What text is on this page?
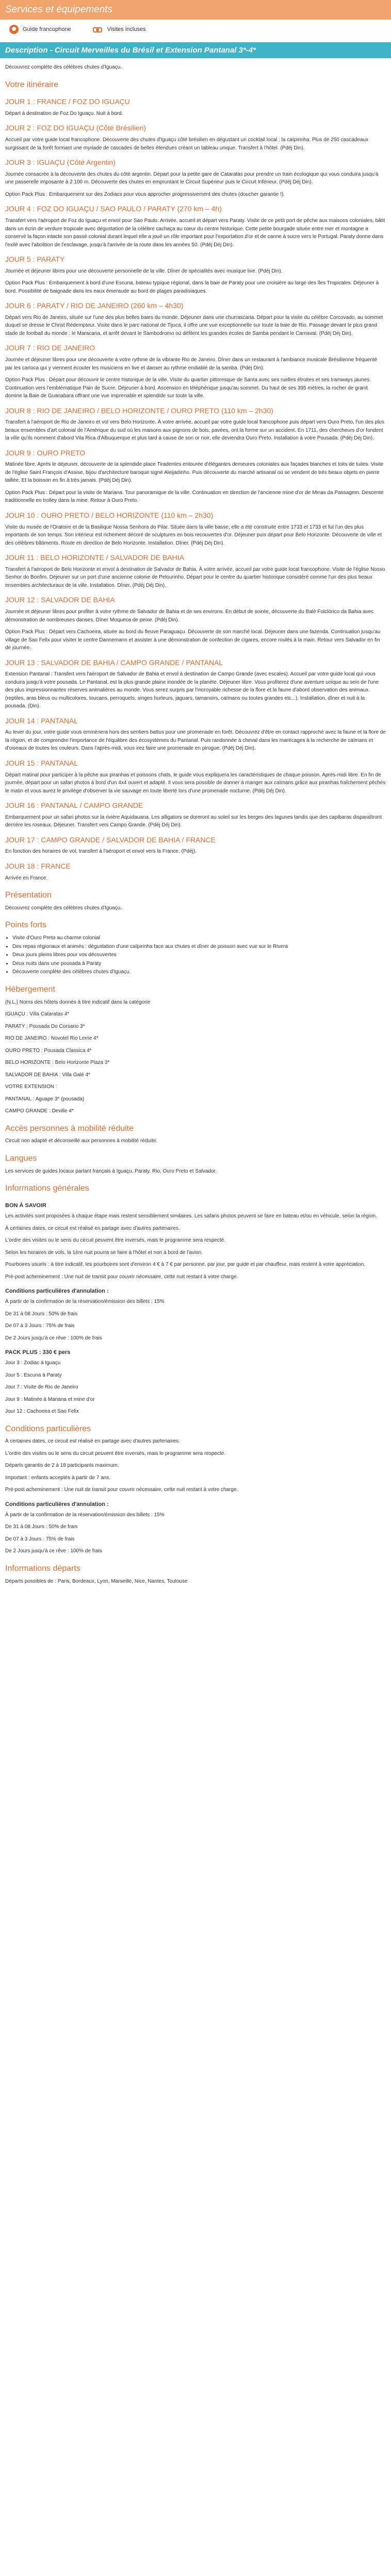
Services et équipements
Guide francophone	Visites incluses
Description - Circuit Merveilles du Brésil et Extension Pantanal 3*-4*

Découvrez complète des célèbres chutes d'Iguaçu.

Votre itinéraire
JOUR 1 : FRANCE / FOZ DO IGUAÇU

Départ à destination de Foz Do Iguaçu. Nuit à bord.

JOUR 2 : FOZ DO IGUAÇU (Côté Brésilien)

Accueil par votre guide local francophone. Découverte des chutes d'Iguaçu côté brésilien en dégustant un cocktail local : la caïpirinha. Plus de 250 cascadeaux surgissant de la forêt formant une myriade de cascades de belles étendues créant un tableau unique. Transfert à l'hôtel. (Pdéj Din).

JOUR 3 : IGUAÇU (Côté Argentin)

Journée consacrée à la découverte des chutes du côté argentin. Départ pour la petite gare de Cataratas pour prendre un train écologique qui vous conduira jusqu'à une passerelle imposante à 2 100 m. Découverte des chutes en empruntant le Circuit Supérieur puis le Circuit Inférieur. (Pdéj Déj Din).

Option Pack Plus : Embarquement sur des Zodiacs pour vous approcher progressivement des chutes (doucher garantie !).

JOUR 4 : FOZ DO IGUAÇU / SAO PAULO / PARATY (270 km – 4h)

Transfert vers l'aéroport de Foz do Iguaçu et envol pour Sao Paulo. Arrivée, accueil et départ vers Paraty. Visite de ce petit port de pêche aux maisons coloniales, bâtit dans un écrin de verdure tropicale avec dégustation de la célèbre cachaça au cœur du centre historique. Cette petite bourgade située entre mer et montagne a conservé la façon intacte son passé colonial durant lequel elle a joué un rôle important pour l'exportation d'or et de canne à sucre vers le Portugal. Paraty donne dans l'exilé avec l'abolition de l'esclavage, jusqu'à l'arrivée de la route dans les années 50. (Pdéj Déj Din).

JOUR 5 : PARATY

Journée et déjeuner libres pour une découverte personnelle de la ville. Dîner de spécialités avec musique live. (Pdéj Din).

Option Pack Plus : Embarquement à bord d'une Escuna, bateau typique régional, dans la baie de Paraty pour une croisière au large des îles Tropicales. Déjeuner à bord. Possibilité de baignade dans les eaux émeraude au bord de plages paradisiaques.

JOUR 6 : PARATY / RIO DE JANEIRO (260 km – 4h30)

Départ vers Rio de Janeiro, située sur l'une des plus belles baies du monde. Déjeuner dans une churrascaria. Départ pour la visite du célèbre Corcovado, au sommet duquel se dresse le Christ Rédempteur. Visite dans le parc national de Tijuca, il offre une vue exceptionnelle sur toute la baie de Rio. Passage devant le plus grand stade de football du monde : le Maracana, et arrêt devant le Sambodromo où défilent les grandes écoles de Samba pendant le Carnaval. (Pdéj Déj Din).

JOUR 7 : RIO DE JANEIRO

Journée et déjeuner libres pour une découverte à votre rythme de la vibrante Rio de Janeiro. Dîner dans un restaurant à l'ambiance musicale Brésilienne fréquenté par les carioca qui y viennent écouter les musiciens en live et danser au rythme endiablé de la samba. (Pdéj Din).

Option Pack Plus : Départ pour découvrir le centre historique de la ville. Visite du quartier pittoresque de Santa avec ses ruelles étroites et ses tramways jaunes. Continuation vers l'emblématique Pain de Sucre. Déjeuner à bord. Ascension en téléphérique jusqu'au sommet. Du haut de ses 395 mètres, la rocher de granit domine la Baie de Guanabara offrant une vue imprenable et splendide sur toute la ville.

JOUR 8 : RIO DE JANEIRO / BELO HORIZONTE / OURO PRETO (110 km – 2h30)

Transfert à l'aéroport de Rio de Janeiro et vol vers Belo Horizonte. À votre arrivée, accueil par votre guide local francophone puis départ vers Ouro Preto, l'un des plus beaux ensembles d'art colonial de l'Amérique du sud où les maisons aux pignons de bois, pavées, ont la forme sur un accident. En 1711, des chercheurs d'or fondent la ville qu'ils nomment d'abord Vila Rica d'Albuquerque et plus tard à cause de son or noir, elle deviendra Ouro Preto. Installation à votre Pousada. (Pdéj Déj Din).

JOUR 9 : OURO PRETO

Matinée libre. Après le déjeuner, découverte de la splendide place Tiradentes entourée d'élégantes demeures coloniales aux façades blanches et toits de tuiles. Visite de l'église Saint François d'Assise, bijou d'architecture baroque signé Aleijadinho. Puis découverte du marché artisanal où se vendent de très beaux objets en pierre taillée. Et la boisson en fin à très jamais. (Pdéj Déj Din).

Option Pack Plus : Départ pour la visite de Mariana. Tour panoramique de la ville. Continuation en direction de l'ancienne mine d'or de Minas da Passagem. Descente traditionnelle en trolley dans la mine. Retour à Ouro Preto.

JOUR 10 : OURO PRETO / BELO HORIZONTE (110 km – 2h30)

Visite du musée de l'Oratoire et de la Basilique Nossa Senhora do Pilar. Située dans la ville basse, elle a été construite entre 1733 et 1733 et fut l'un des plus importants de son temps. Son intérieur est richement décoré de sculptures en bois recouvertes d'or. Déjeuner puis départ pour Belo Horizonte. Découverte de ville et des célèbres bâtiments. Route en direction de Belo Horizonte. Installation. Dîner. (Pdéj Déj Din).

JOUR 11 : BELO HORIZONTE / SALVADOR DE BAHIA

Transfert à l'aéroport de Belo Horizonte et envol à destination de Salvador de Bahia. À votre arrivée, accueil par votre guide local francophone. Visite de l'église Nosso Senhor do Bonfim. Déjeuner sur un port d'une ancienne colonie de Pelourinho. Départ pour le centre du quartier historique considéré comme l'un des plus beaux ensembles architecturaux de la ville. Installation. Dîner. (Pdéj Déj Din).

JOUR 12 : SALVADOR DE BAHIA

Journée et déjeuner libres pour profiter à votre rythme de Salvador de Bahia et de ses environs. En début de soirée, découverte du Balé Folclórico da Bahia avec démonstration de nombreuses danses. Dîner Moqueca de peixe. (Pdéj Din).

Option Pack Plus : Départ vers Cachoeira, située au bord du fleuve Paraguaçu. Découverte de son marché local. Déjeuner dans une fazenda. Continuation jusqu'au village de Sao Felix pour visiter le centre Dannemann et assister à une démonstration de confection de cigares, encore roulés à la main. Retour vers Salvador en fin de journée.

JOUR 13 : SALVADOR DE BAHIA / CAMPO GRANDE / PANTANAL

Extension Pantanal : Transfert vers l'aéroport de Salvador de Bahia et envol à destination de Campo Grande (avec escales). Accueil par votre guide local qui vous conduira jusqu'à votre pousada. Le Pantanal, est la plus grande plaine inondée de la planète. Déjeuner libre. Vous profiterez d'une aventure unique au sein de l'une des plus impressionnantes réserves animalières au monde. Vous serez surpris par l'incroyable richesse de la flore et la faune d'abord observation des animaux (reptiles, aras bleus ou multicolores, toucans, perroquets, singes hurleurs, jaguars, tamanoirs, caïmans ou toutes grandes etc...). Installation, dîner et nuit à la pousada. (Din).

JOUR 14 : PANTANAL

Au lever du jour, votre guide vous emmènera hors des sentiers battus pour une promenade en forêt. Découvrez d'être en contact rapproché avec la faune et la flore de la région, et de comprendre l'importance de l'équilibre des écosystèmes du Pantanal. Puis randonnée à cheval dans les marécages à la recherche de caïmans et d'oiseaux de toutes les couleurs. Dans l'après-midi, vous irez faire une promenade en pirogue. (Pdéj Déj Din).

JOUR 15 : PANTANAL

Départ matinal pour participer à la pêche aux piranhas et poissons chats, le guide vous expliquera les caractéristiques de chaque poisson. Après-midi libre. En fin de journée, départ pour un safari photos à bord d'un 4x4 ouvert et adapté. Il vous sera possible de donner à manger aux caïmans grâce aux piranhas fraîchement pêchés le matin et vous aurez le privilège d'observer la vie sauvage en toute liberté lors d'une promenade nocturne. (Pdéj Déj Din).

JOUR 16 : PANTANAL / CAMPO GRANDE

Embarquement pour un safari photos sur la rivière Aquidauana. Les alligators se doreront au soleil sur les berges des lagunes tandis que des capibaras disparaîtront derrière les roseaux. Déjeuner. Transfert vers Campo Grande. (Pdéj Déj Din).

JOUR 17 : CAMPO GRANDE / SALVADOR DE BAHIA / FRANCE

En fonction des horaires de vol, transfert à l'aéroport et envol vers la France. (Pdéj).

JOUR 18 : FRANCE

Arrivée en France.

Présentation

Découvrez complète des célèbres chutes d'Iguaçu.

Points forts
• Visite d'Ouro Preto au charme colonial
• Des repas régionaux et animés : dégustation d'une caïpirinha face aux chutes et dîner de poisson avec vue sur le Rivera
• Deux jours pleins libres pour vos découvertes
• Deux nuits dans une pousada à Paraty
• Découverte complète des célèbres chutes d'Iguaçu.
Hébergement

(N.L.) Noms des hôtels donnés à titre indicatif dans la catégorie

IGUAÇU : Villa Cataratas 4*

PARATY : Pousada Do Corsario 3*

RIO DE JANEIRO : Novotel Rio Leme 4*

OURO PRETO : Pousada Classica 4*

BELO HORIZONTE : Belo Horizonte Plaza 3*

SALVADOR DE BAHIA : Villa Galé 4*

VOTRE EXTENSION :

PANTANAL : Aguape 3* (pousada)

CAMPO GRANDE : Deville 4*

Accès personnes à mobilité réduite

Circuit non adapté et déconseillé aux personnes à mobilité réduite.

Langues

Les services de guides locaux parlant français à Iguaçu, Paraty, Rio, Ouro Preto et Salvador.

Informations générales
BON À SAVOIR

Les activités sont proposées à chaque étape mais restent sensiblement similaires. Les safaris photos peuvent se faire en bateau et/ou en véhicule, selon la région.

À certaines dates, ce circuit est réalisé en partage avec d'autres partenaires.

L'ordre des visites ou le sens du circuit peuvent être inversés, mais le programme sera respecté.

Selon les horaires de vols, la 1ère nuit pourra se faire à l'hôtel et non à bord de l'avion.

Pourboires usuels : à titre indicatif, les pourboires sont d'environ 4 € à 7 € par personne, par jour, par guide et par chauffeur, mais restent à votre appréciation.

Pré-post acheminement : Une nuit de transit pour couvrir nécessaire, cette nuit restant à votre charge.

Conditions particulières d'annulation :

À partir de la confirmation de la réservation/émission des billets : 15%

De 31 à 08 Jours : 50% de frais

De 07 à 3 Jours : 75% de frais

De 2 Jours jusqu'à ce rêve : 100% de frais

PACK PLUS : 330 € pers

Jour 3 : Zodiac à Iguaçu

Jour 5 : Escuna à Paraty

Jour 7 : Visite de Rio de Janeiro

Jour 9 : Matinée à Mariana et mine d'or

Jour 12 : Cachoeira et Sao Felix

Conditions particulières

À certaines dates, ce circuit est réalisé en partage avec d'autres partenaires.

L'ordre des visites ou le sens du circuit peuvent être inversés, mais le programme sera respecté.

Départs garantis de 2 à 18 participants maximum.

Important : enfants acceptés à partir de 7 ans.

Pré-post acheminement : Une nuit de transit pour couvrir nécessaire, cette nuit restant à votre charge.

Conditions particulières d'annulation :

À partir de la confirmation de la réservation/émission des billets : 15%

De 31 à 08 Jours : 50% de frais

De 07 à 3 Jours : 75% de frais

De 2 Jours jusqu'à ce rêve : 100% de frais

Informations départs

Départs possibles de : Paris, Bordeaux, Lyon, Marseille, Nice, Nantes, Toulouse
